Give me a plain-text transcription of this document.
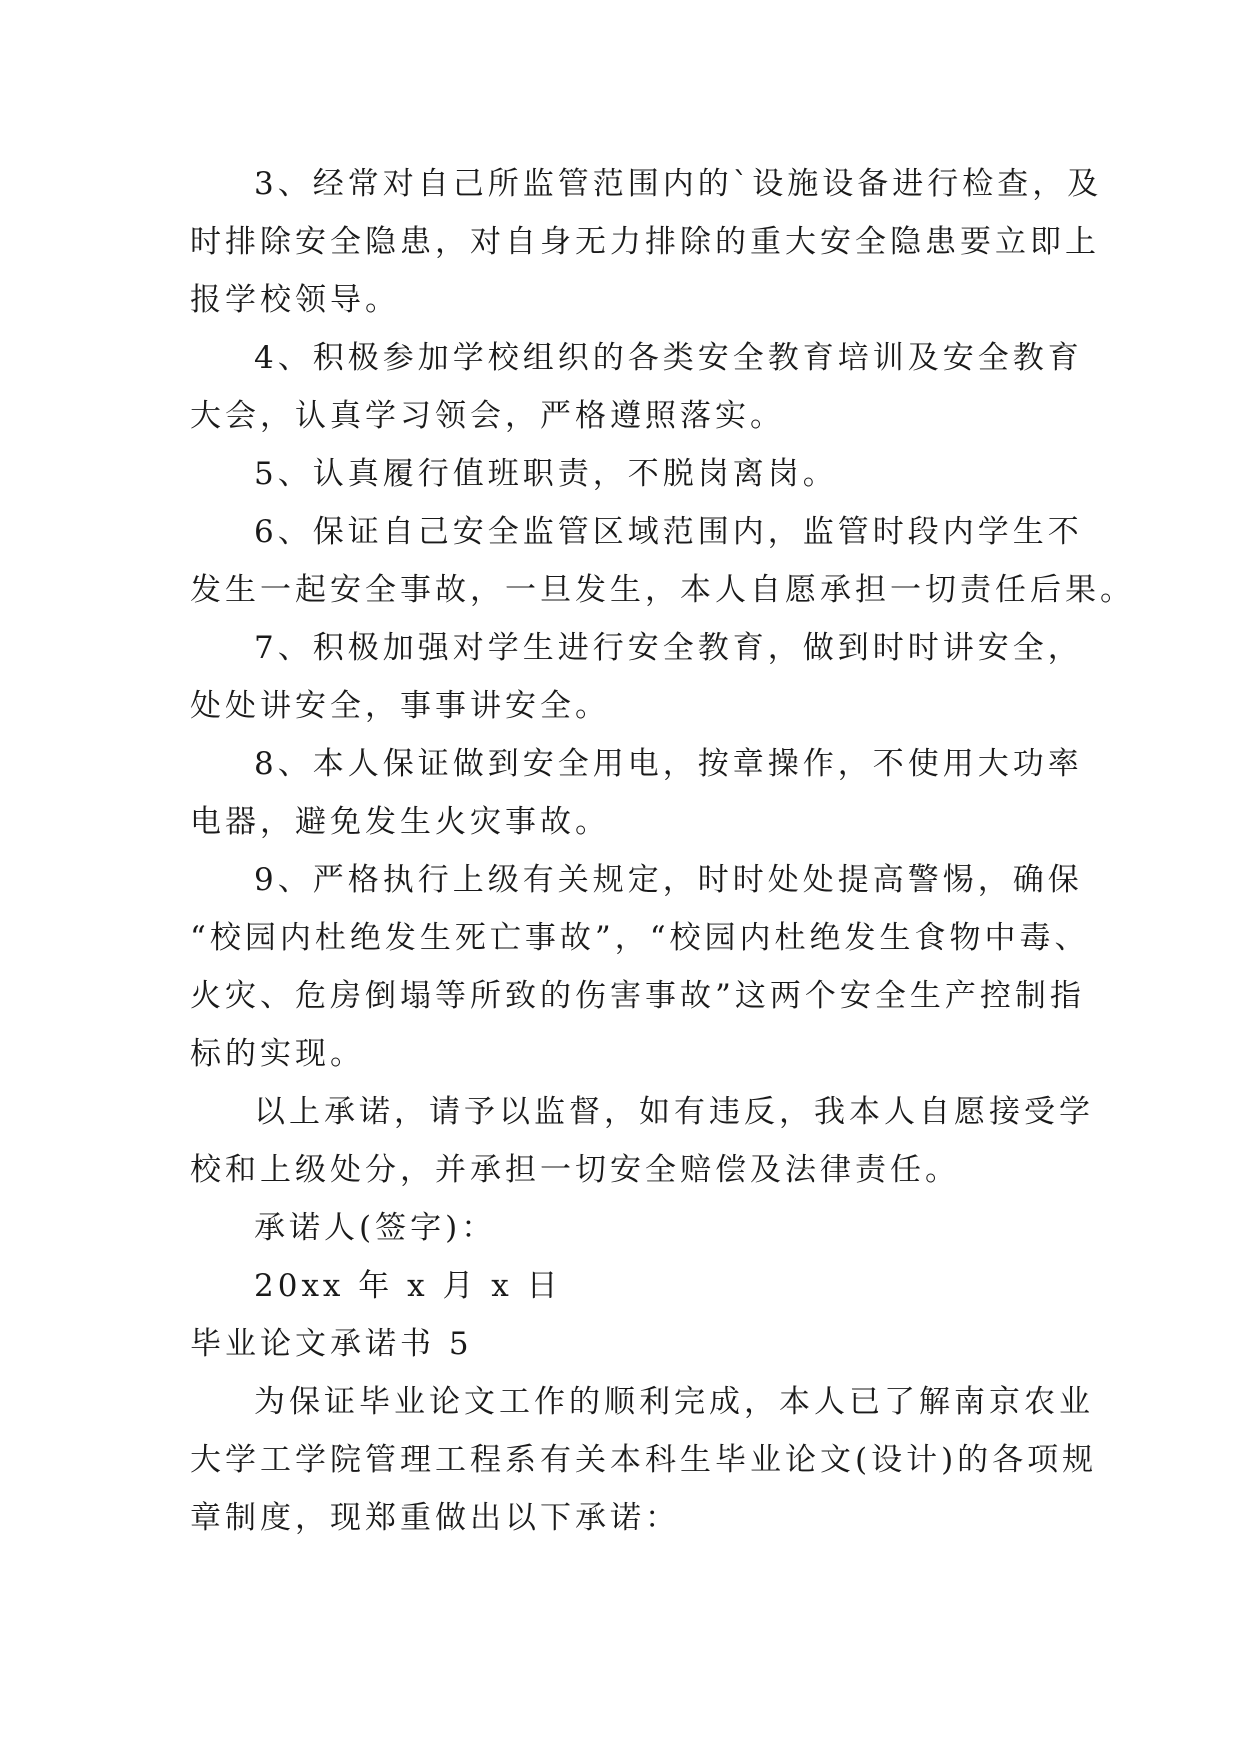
3、经常对自己所监管范围内的`设施设备进行检查，及
时排除安全隐患，对自身无力排除的重大安全隐患要立即上
报学校领导。
4、积极参加学校组织的各类安全教育培训及安全教育
大会，认真学习领会，严格遵照落实。
5、认真履行值班职责，不脱岗离岗。
6、保证自己安全监管区域范围内，监管时段内学生不
发生一起安全事故，一旦发生，本人自愿承担一切责任后果。
7、积极加强对学生进行安全教育，做到时时讲安全，
处处讲安全，事事讲安全。
8、本人保证做到安全用电，按章操作，不使用大功率
电器，避免发生火灾事故。
9、严格执行上级有关规定，时时处处提高警惕，确保
“校园内杜绝发生死亡事故”，“校园内杜绝发生食物中毒、
火灾、危房倒塌等所致的伤害事故”这两个安全生产控制指
标的实现。
以上承诺，请予以监督，如有违反，我本人自愿接受学
校和上级处分，并承担一切安全赔偿及法律责任。
承诺人(签字)：
20xx 年 x 月 x 日
毕业论文承诺书 5
为保证毕业论文工作的顺利完成，本人已了解南京农业
大学工学院管理工程系有关本科生毕业论文(设计)的各项规
章制度，现郑重做出以下承诺：
